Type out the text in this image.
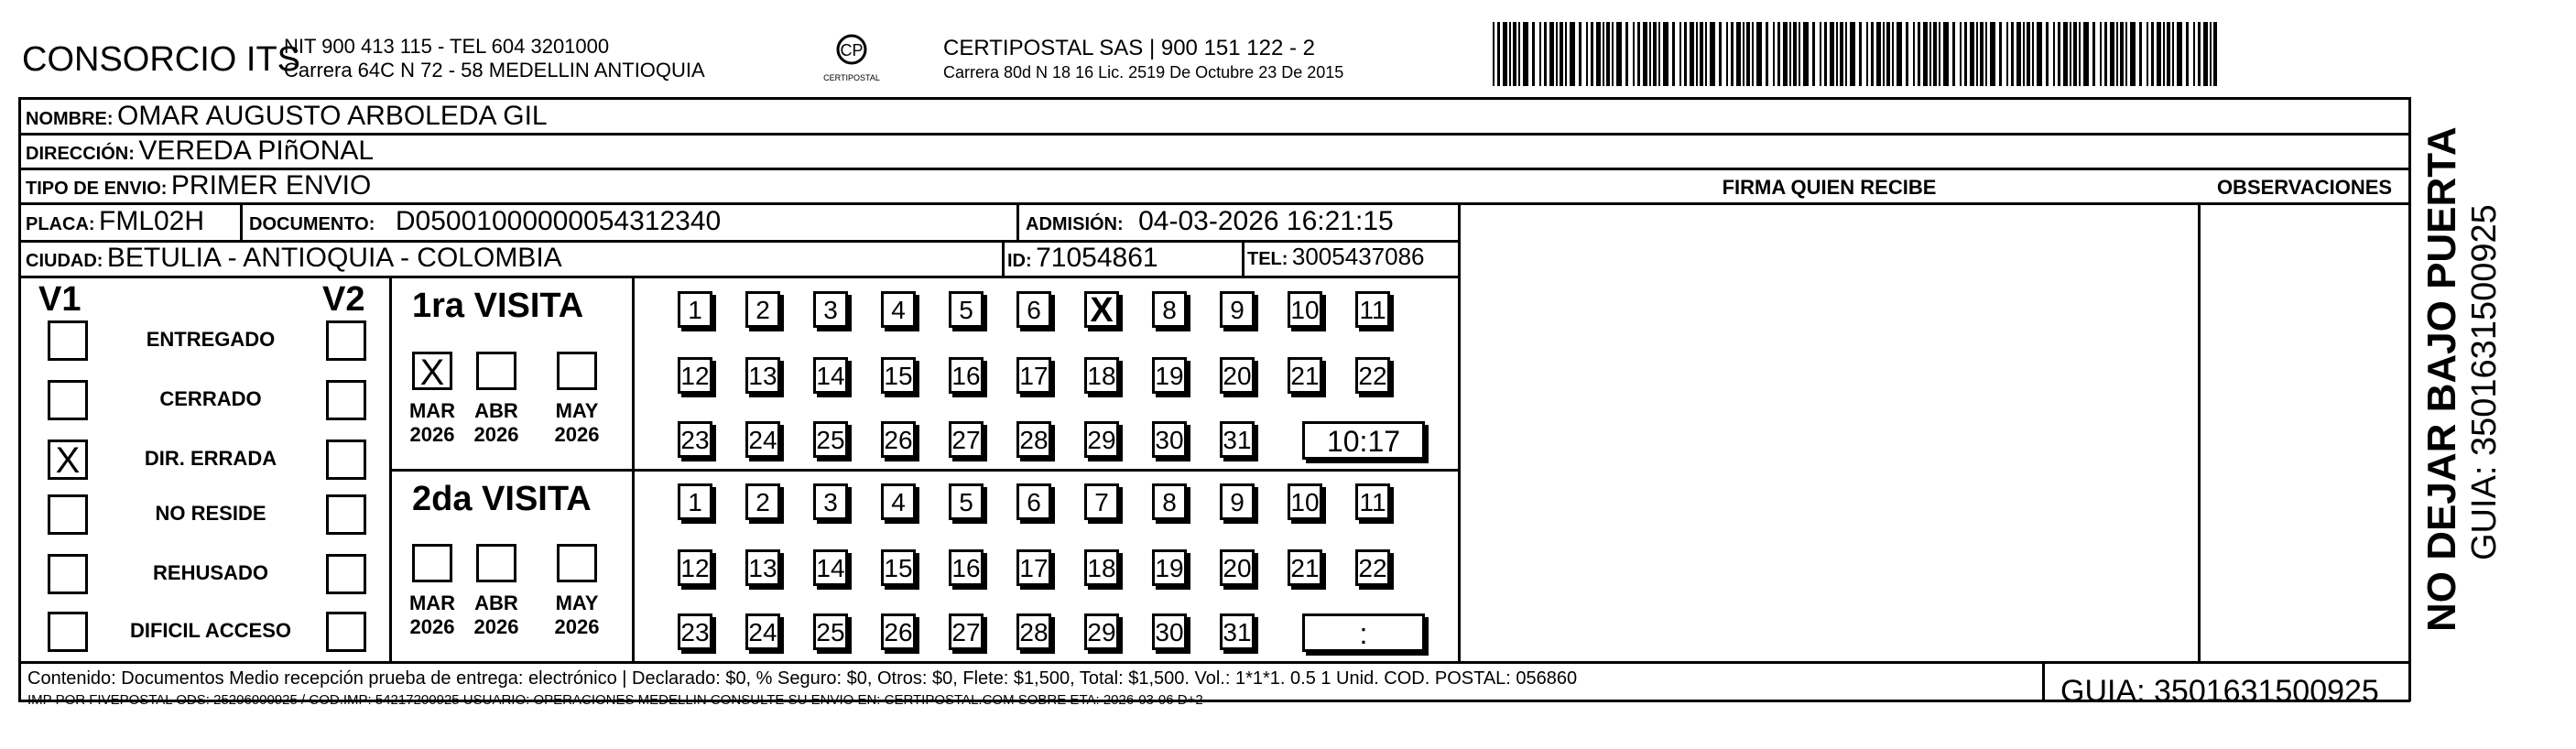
CONSORCIO ITS
NIT 900 413 115 - TEL 604 3201000
Carrera 64C N 72 - 58 MEDELLIN ANTIOQUIA
CP
CERTIPOSTAL
CERTIPOSTAL SAS | 900 151 122 - 2
Carrera 80d N 18 16 Lic. 2519 De Octubre 23 De 2015
NOMBRE: OMAR AUGUSTO ARBOLEDA GIL
DIRECCIÓN: VEREDA PIñONAL
TIPO DE ENVIO: PRIMER ENVIO
PLACA: FML02H DOCUMENTO: D05001000000054312340	ADMISIÓN: 04-03-2026 16:21:15
CIUDAD: BETULIA - ANTIOQUIA - COLOMBIA	ID: 71054861	TEL: 3005437086
FIRMA QUIEN RECIBE	OBSERVACIONES
V1	V2
ENTREGADO
CERRADO
X	DIR. ERRADA
NO RESIDE
REHUSADO
DIFICIL ACCESO
1ra VISITA
X
MAR
2026
ABR
2026
MAY
2026
1	2	3	4	5	6 X	8	9	10 11
12 13 14 15 16 17 18 19 20 21 22
23 24 25 26 27 28 29 30 31	10:17
2da VISITA
MAR
2026
ABR
2026
MAY
2026
1	2	3	4	5	6	7	8	9	10 11
12 13 14 15 16 17 18 19 20 21 22
23 24 25 26 27 28 29 30 31	:
Contenido: Documentos Medio recepción prueba de entrega: electrónico | Declarado: $0, % Seguro: $0, Otros: $0, Flete: $1,500, Total: $1,500. Vol.: 1*1*1. 0.5 1 Unid. COD. POSTAL: 056860
IMP POR FIVEPOSTAL ODS: 25206000925 / COD.IMP: 54217200925 USUARIO: OPERACIONES MEDELLIN CONSULTE SU ENVIO EN: CERTIPOSTAL.COM SOBRE ETA: 2026-03-06 D+2	GUIA: 3501631500925
NO DEJAR BAJO PUERTA GUIA: 3501631500925
